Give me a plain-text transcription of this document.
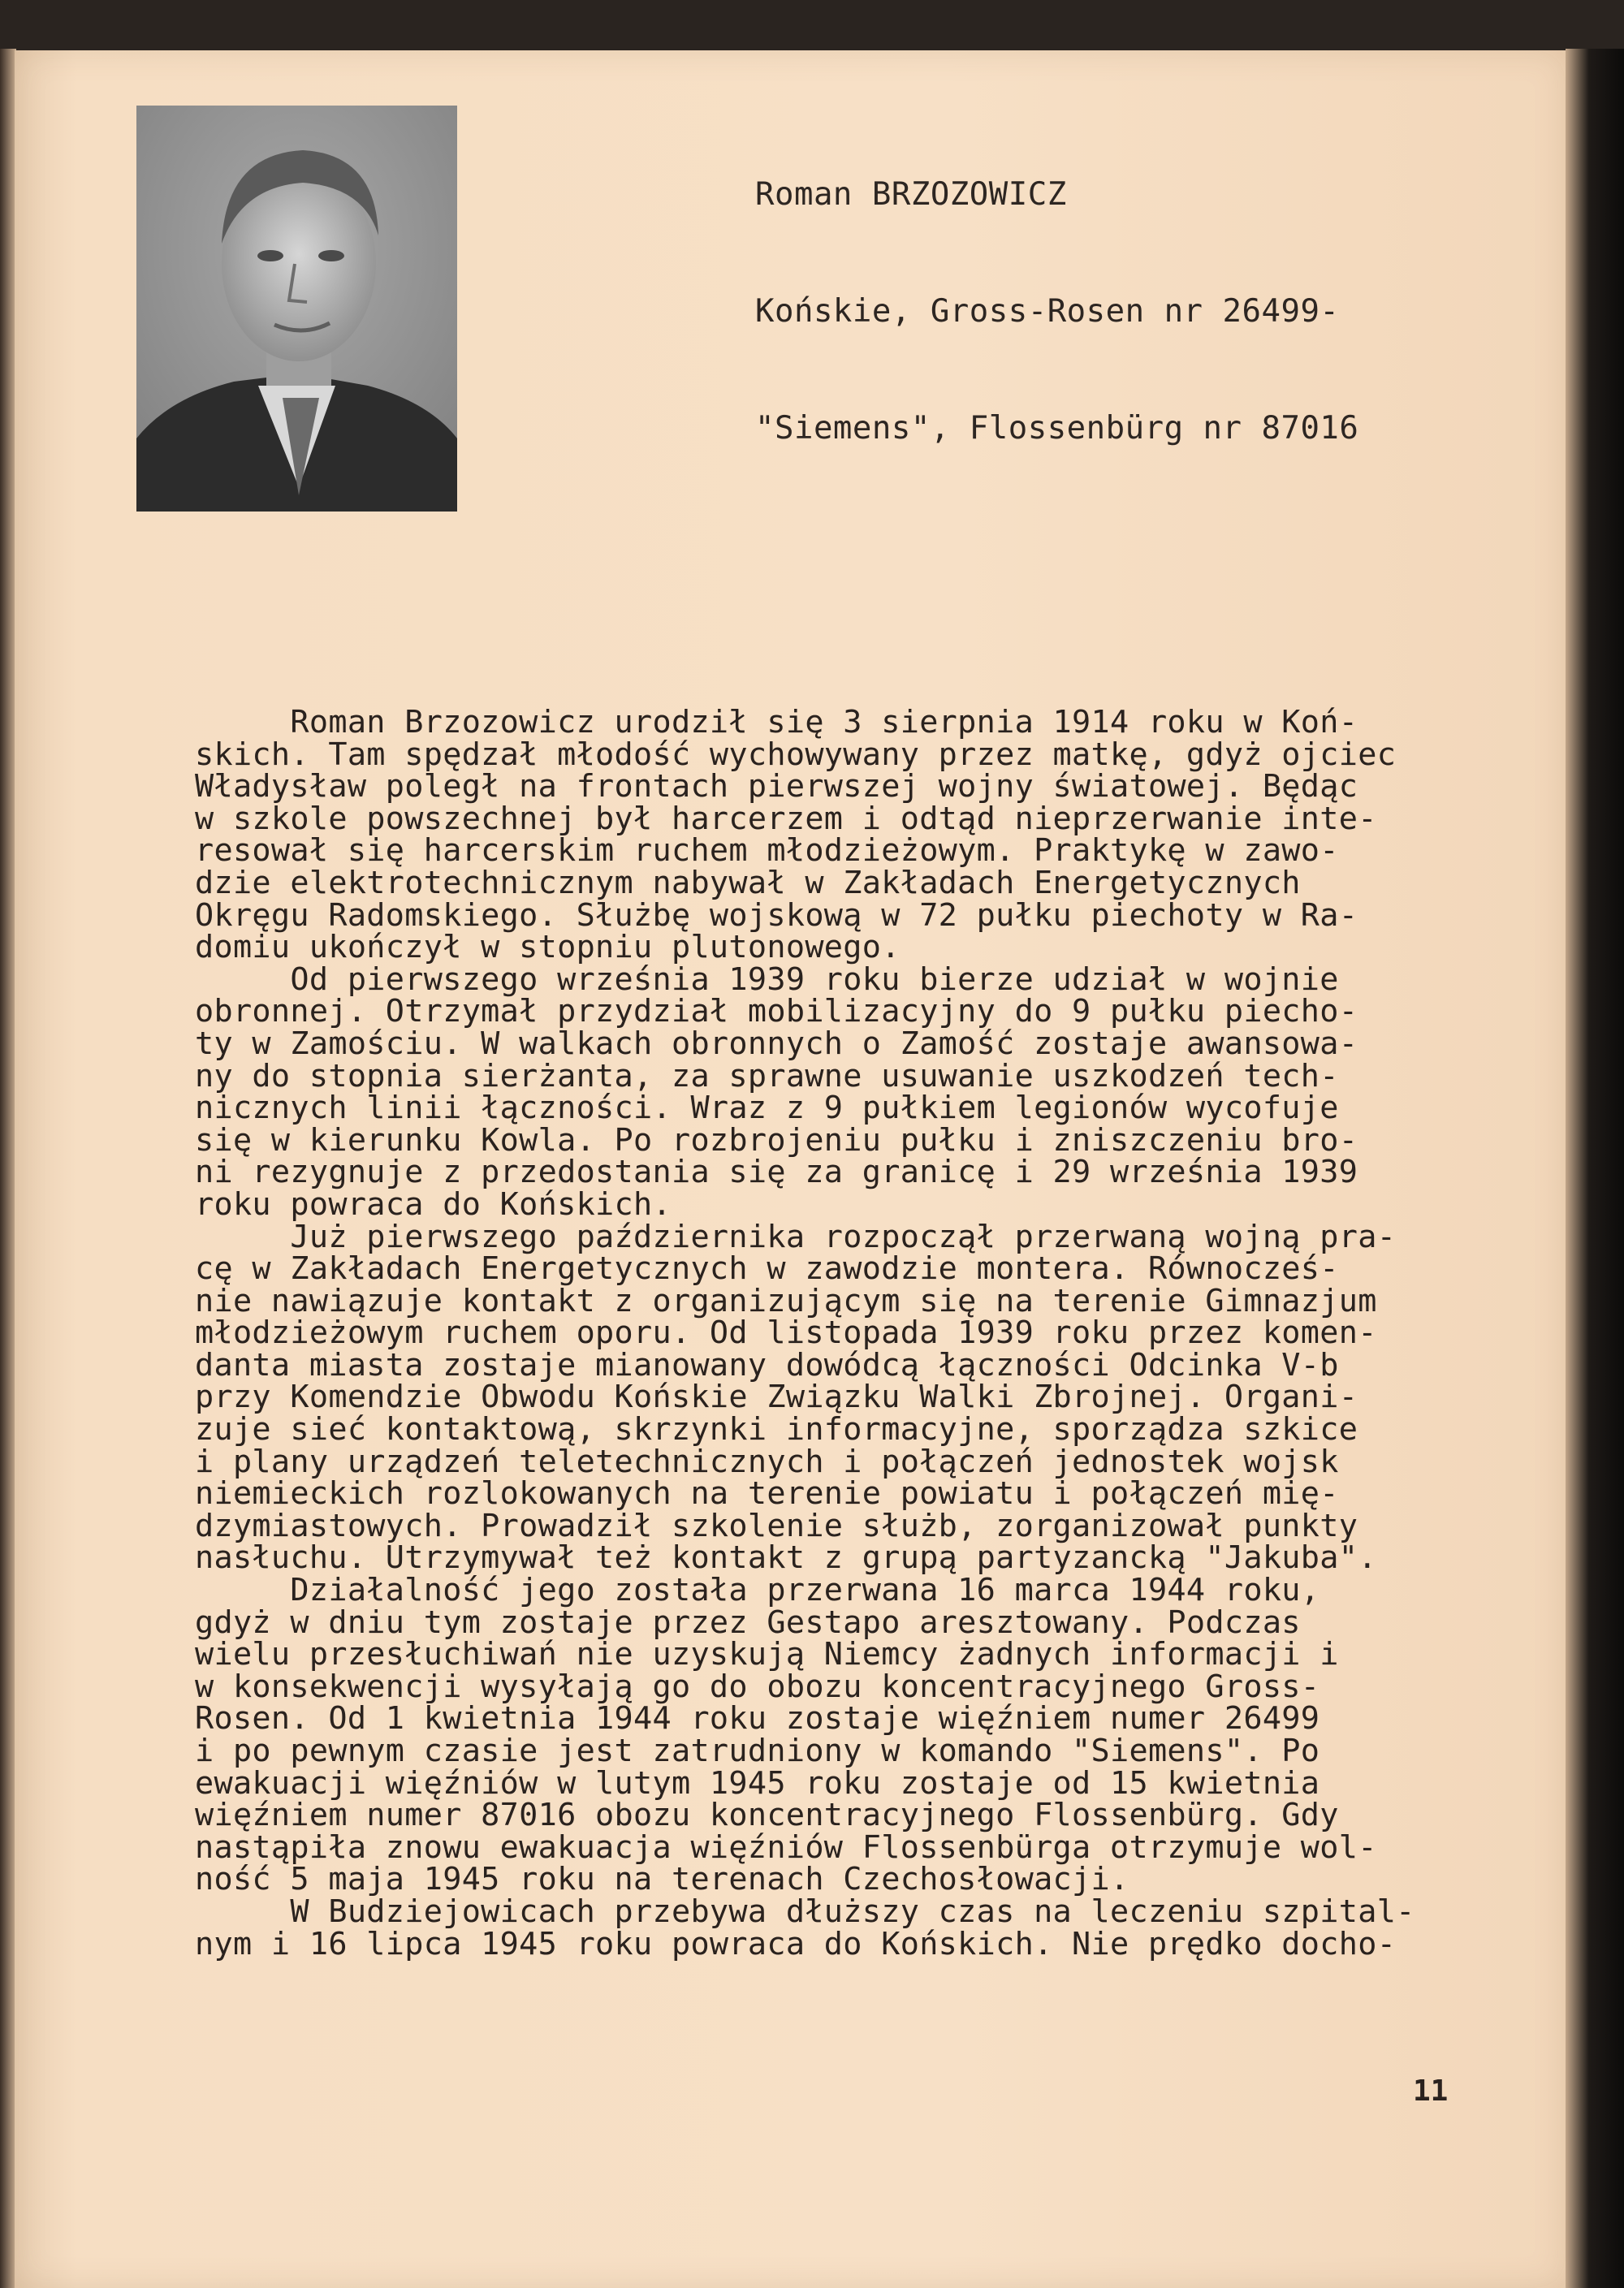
Roman BRZOZOWICZ

Końskie, Gross-Rosen nr 26499-

"Siemens", Flossenbürg nr 87016

Roman Brzozowicz urodził się 3 sierpnia 1914 roku w Koń-
skich. Tam spędzał młodość wychowywany przez matkę, gdyż ojciec
Władysław poległ na frontach pierwszej wojny światowej. Będąc
w szkole powszechnej był harcerzem i odtąd nieprzerwanie inte-
resował się harcerskim ruchem młodzieżowym. Praktykę w zawo-
dzie elektrotechnicznym nabywał w Zakładach Energetycznych
Okręgu Radomskiego. Służbę wojskową w 72 pułku piechoty w Ra-
domiu ukończył w stopniu plutonowego.
Od pierwszego września 1939 roku bierze udział w wojnie
obronnej. Otrzymał przydział mobilizacyjny do 9 pułku piecho-
ty w Zamościu. W walkach obronnych o Zamość zostaje awansowa-
ny do stopnia sierżanta, za sprawne usuwanie uszkodzeń tech-
nicznych linii łączności. Wraz z 9 pułkiem legionów wycofuje
się w kierunku Kowla. Po rozbrojeniu pułku i zniszczeniu bro-
ni rezygnuje z przedostania się za granicę i 29 września 1939
roku powraca do Końskich.
Już pierwszego października rozpoczął przerwaną wojną pra-
cę w Zakładach Energetycznych w zawodzie montera. Równocześ-
nie nawiązuje kontakt z organizującym się na terenie Gimnazjum
młodzieżowym ruchem oporu. Od listopada 1939 roku przez komen-
danta miasta zostaje mianowany dowódcą łączności Odcinka V-b
przy Komendzie Obwodu Końskie Związku Walki Zbrojnej. Organi-
zuje sieć kontaktową, skrzynki informacyjne, sporządza szkice
i plany urządzeń teletechnicznych i połączeń jednostek wojsk
niemieckich rozlokowanych na terenie powiatu i połączeń mię-
dzymiastowych. Prowadził szkolenie służb, zorganizował punkty
nasłuchu. Utrzymywał też kontakt z grupą partyzancką "Jakuba".
Działalność jego została przerwana 16 marca 1944 roku,
gdyż w dniu tym zostaje przez Gestapo aresztowany. Podczas
wielu przesłuchiwań nie uzyskują Niemcy żadnych informacji i
w konsekwencji wysyłają go do obozu koncentracyjnego Gross-
Rosen. Od 1 kwietnia 1944 roku zostaje więźniem numer 26499
i po pewnym czasie jest zatrudniony w komando "Siemens". Po
ewakuacji więźniów w lutym 1945 roku zostaje od 15 kwietnia
więźniem numer 87016 obozu koncentracyjnego Flossenbürg. Gdy
nastąpiła znowu ewakuacja więźniów Flossenbürga otrzymuje wol-
ność 5 maja 1945 roku na terenach Czechosłowacji.
W Budziejowicach przebywa dłuższy czas na leczeniu szpital-
nym i 16 lipca 1945 roku powraca do Końskich. Nie prędko docho-
11
